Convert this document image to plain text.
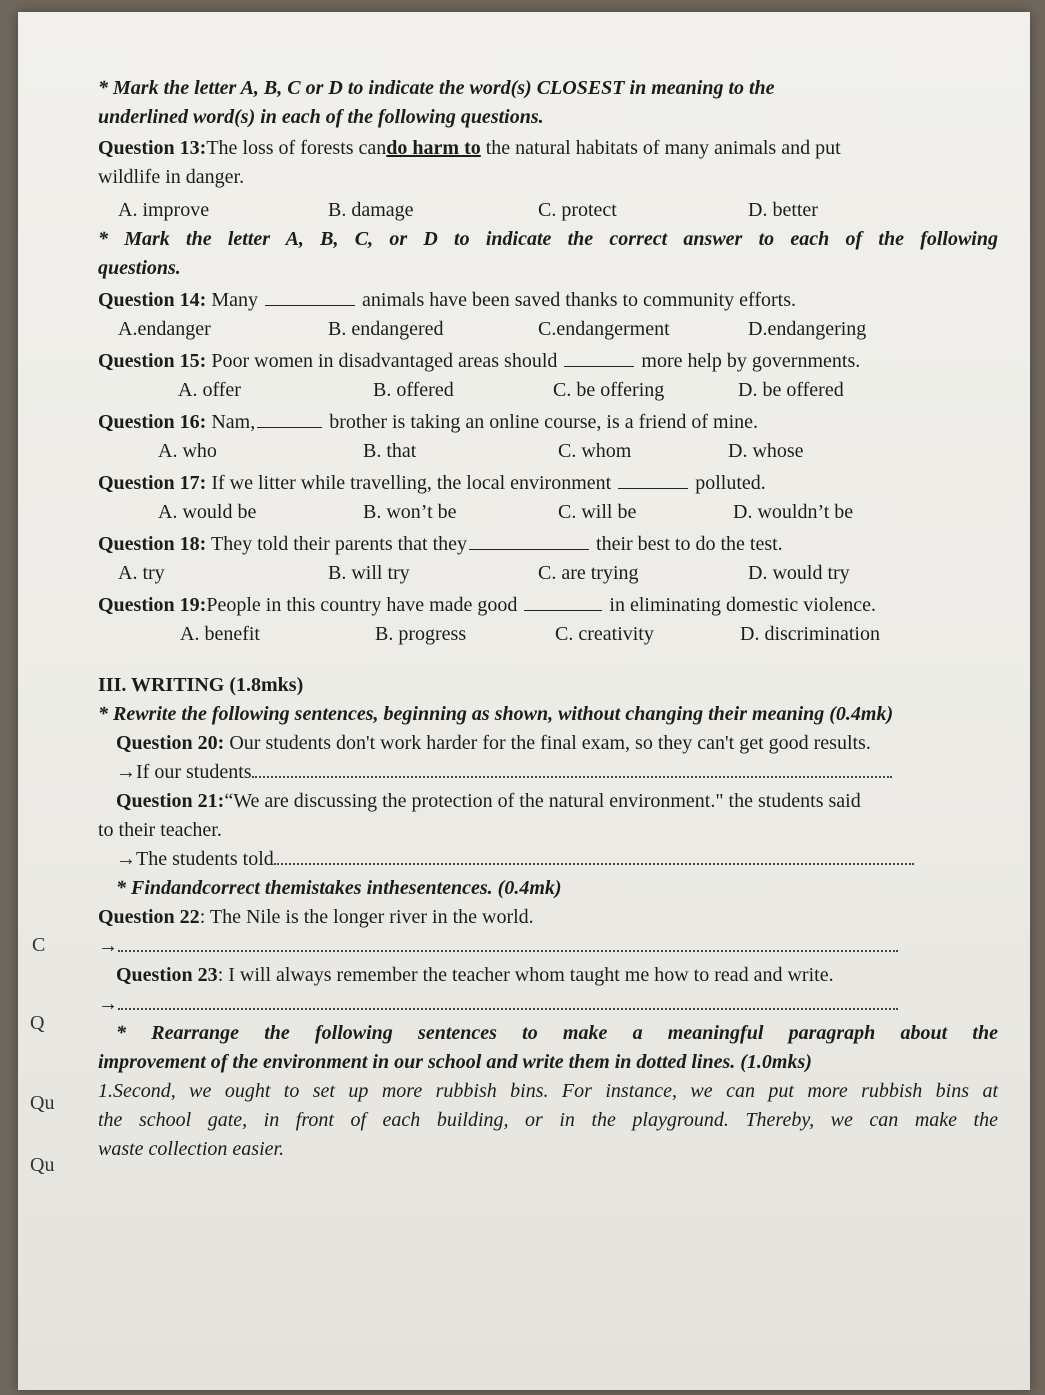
C
Q
Qu
Qu
* Mark the letter A, B, C or D to indicate the word(s) CLOSEST in meaning to the
underlined word(s) in each of the following questions.
Question 13:The loss of forests cando harm to the natural habitats of many animals and put
wildlife in danger.
A. improve	B. damage	C. protect	D. better
* Mark the letter A, B, C, or D to indicate the correct answer to each of the following
questions.
Question 14: Many	animals have been saved thanks to community efforts.
A.endanger	B. endangered	C.endangerment	D.endangering
Question 15: Poor women in disadvantaged areas should	more help by governments.
A. offer	B. offered	C. be offering	D. be offered
Question 16: Nam,	brother is taking an online course, is a friend of mine.
A. who	B. that	C. whom	D. whose
Question 17: If we litter while travelling, the local environment	polluted.
A. would be	B. won’t be	C. will be	D. wouldn’t be
Question 18: They told their parents that they	their best to do the test.
A. try	B. will try	C. are trying	D. would try
Question 19:People in this country have made good	in eliminating domestic violence.
A. benefit	B. progress	C. creativity	D. discrimination
III. WRITING (1.8mks)
* Rewrite the following sentences, beginning as shown, without changing their meaning (0.4mk)
Question 20: Our students don't work harder for the final exam, so they can't get good results.
→If our students
Question 21:“We are discussing the protection of the natural environment." the students said
to their teacher.
→The students told
* Findandcorrect themistakes inthesentences. (0.4mk)
Question 22: The Nile is the longer river in the world.
→
Question 23: I will always remember the teacher whom taught me how to read and write.
→
* Rearrange the following sentences to make a meaningful paragraph about the
improvement of the environment in our school and write them in dotted lines. (1.0mks)
1.Second, we ought to set up more rubbish bins. For instance, we can put more rubbish bins at
the school gate, in front of each building, or in the playground. Thereby, we can make the
waste collection easier.
